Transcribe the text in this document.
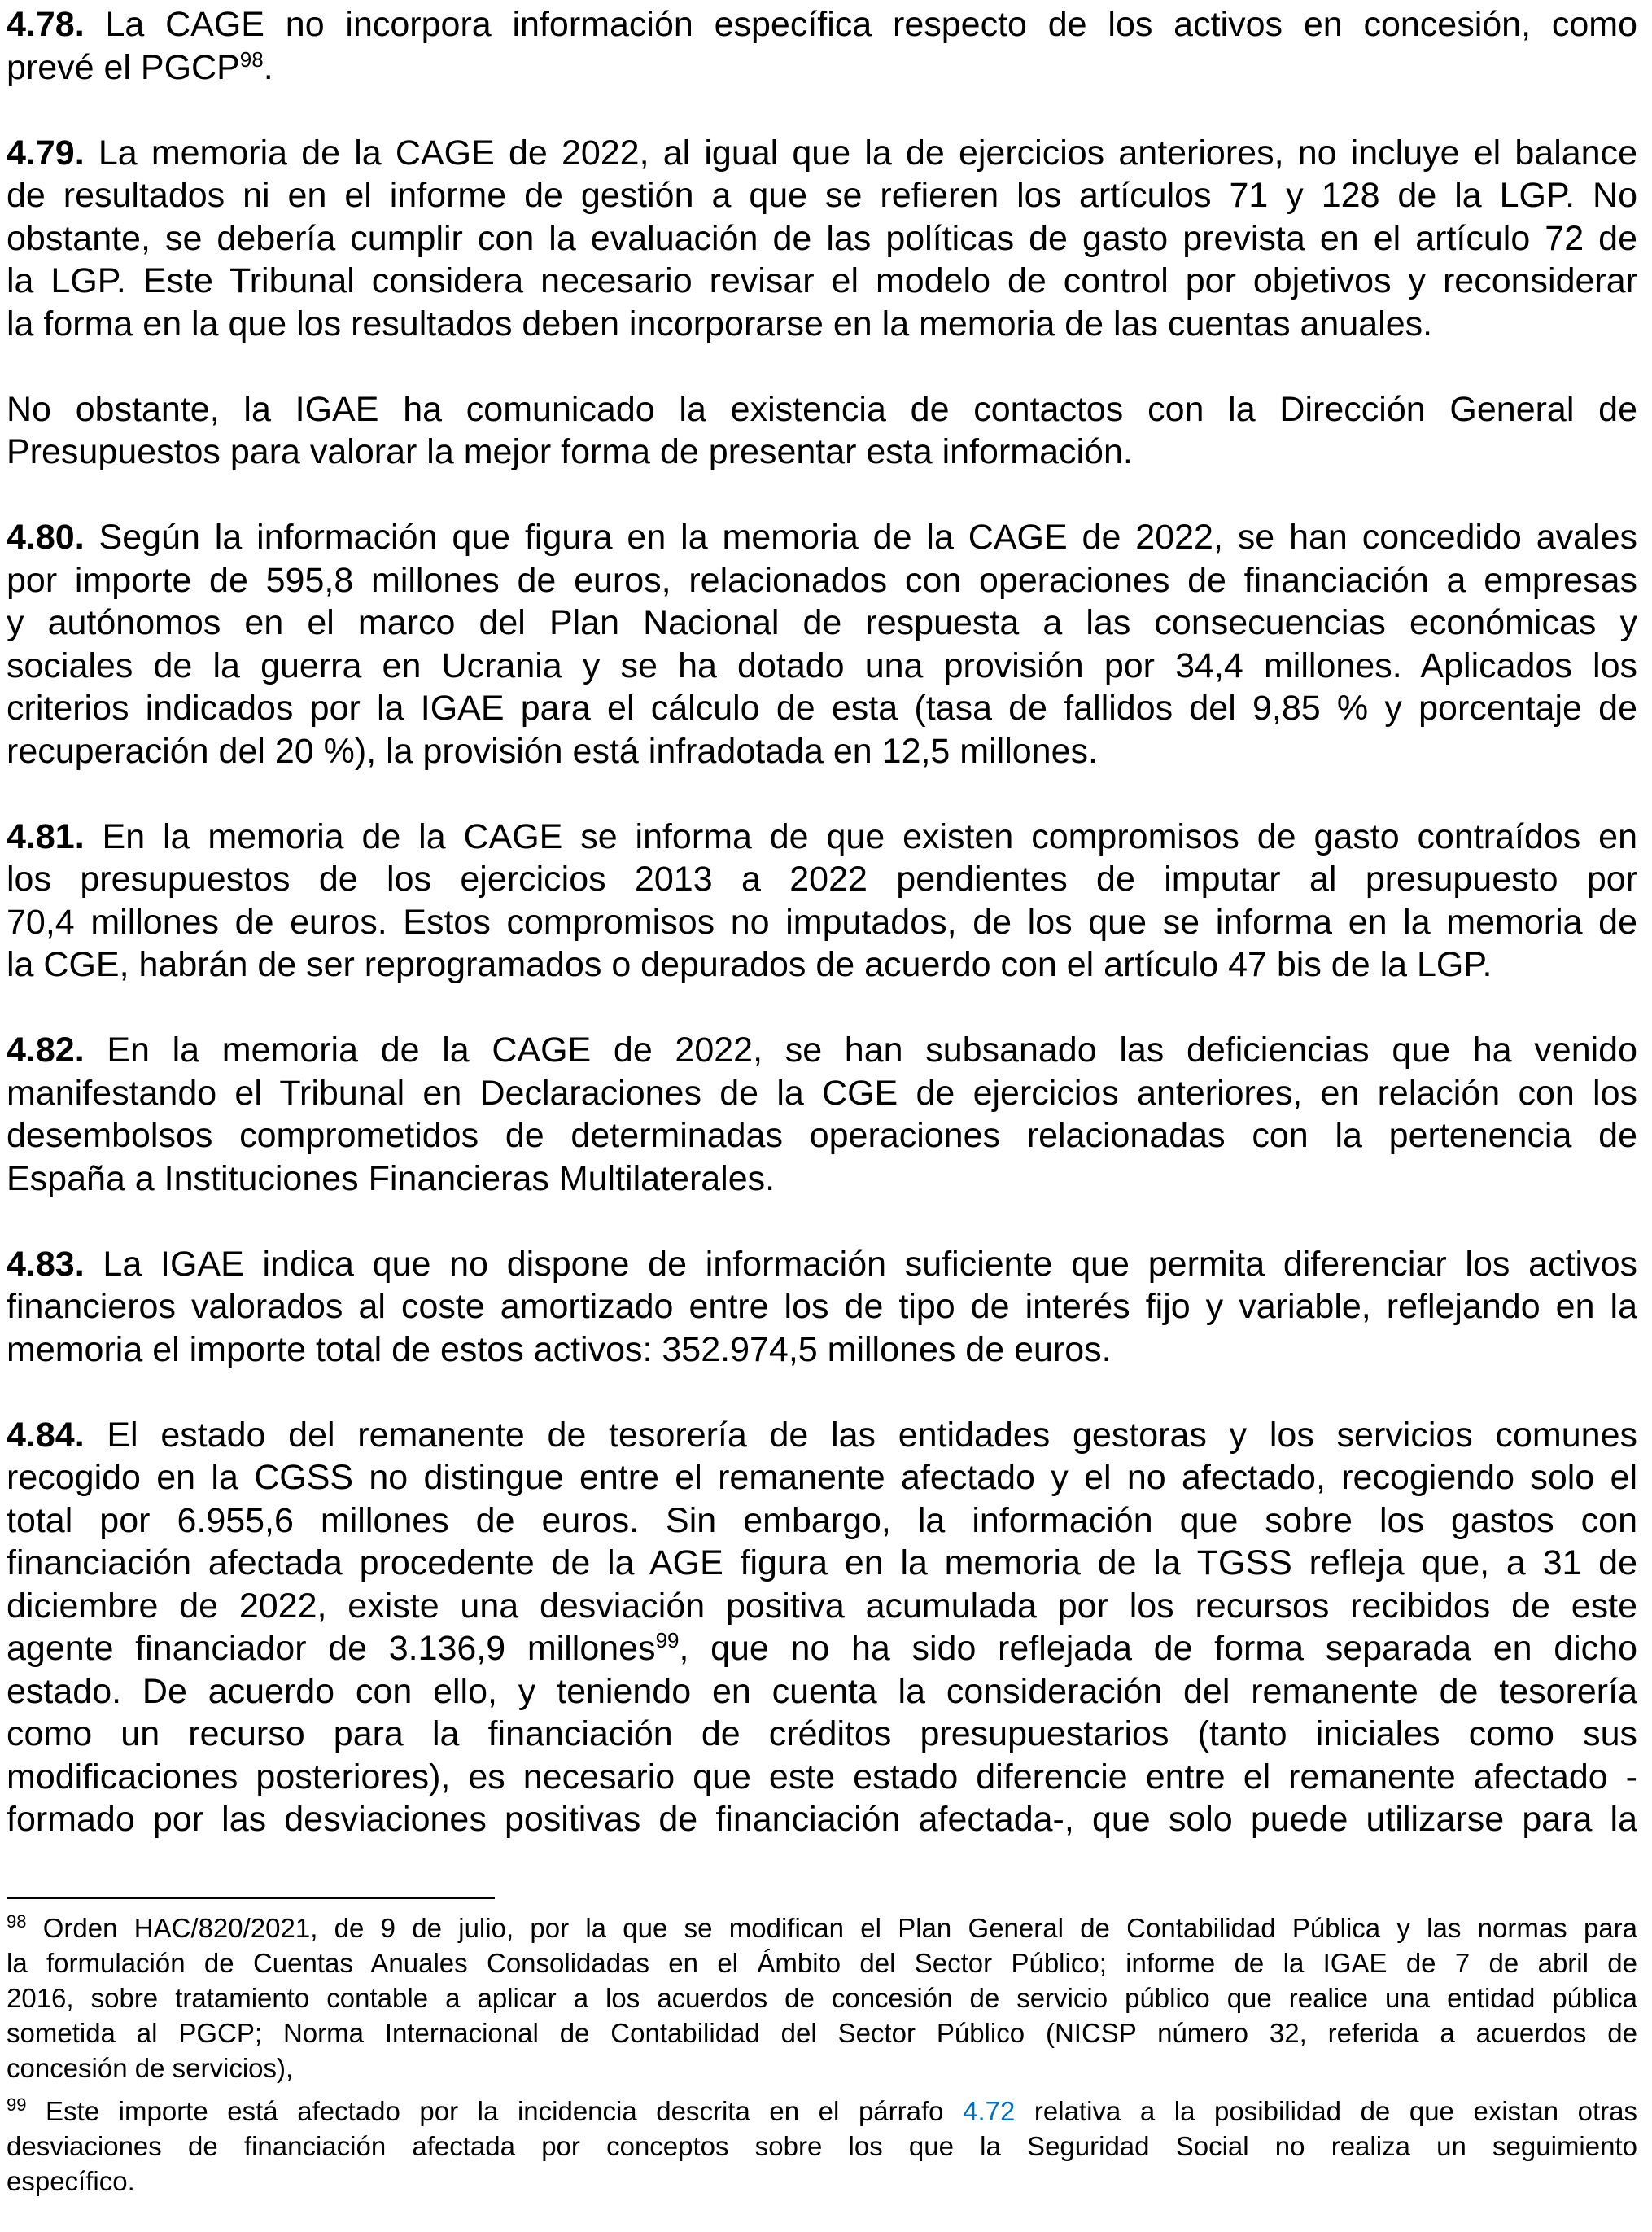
4.78. La CAGE no incorpora información específica respecto de los activos en concesión, como
prevé el PGCP$^{98}$.
4.79. La memoria de la CAGE de 2022, al igual que la de ejercicios anteriores, no incluye el balance
de resultados ni en el informe de gestión a que se refieren los artículos 71 y 128 de la LGP. No
obstante, se debería cumplir con la evaluación de las políticas de gasto prevista en el artículo 72 de
la LGP. Este Tribunal considera necesario revisar el modelo de control por objetivos y reconsiderar
la forma en la que los resultados deben incorporarse en la memoria de las cuentas anuales.
No obstante, la IGAE ha comunicado la existencia de contactos con la Dirección General de
Presupuestos para valorar la mejor forma de presentar esta información.
4.80. Según la información que figura en la memoria de la CAGE de 2022, se han concedido avales
por importe de 595,8 millones de euros, relacionados con operaciones de financiación a empresas
y autónomos en el marco del Plan Nacional de respuesta a las consecuencias económicas y
sociales de la guerra en Ucrania y se ha dotado una provisión por 34,4 millones. Aplicados los
criterios indicados por la IGAE para el cálculo de esta (tasa de fallidos del 9,85 % y porcentaje de
recuperación del 20 %), la provisión está infradotada en 12,5 millones.
4.81. En la memoria de la CAGE se informa de que existen compromisos de gasto contraídos en
los presupuestos de los ejercicios 2013 a 2022 pendientes de imputar al presupuesto por
70,4 millones de euros. Estos compromisos no imputados, de los que se informa en la memoria de
la CGE, habrán de ser reprogramados o depurados de acuerdo con el artículo 47 bis de la LGP.
4.82. En la memoria de la CAGE de 2022, se han subsanado las deficiencias que ha venido
manifestando el Tribunal en Declaraciones de la CGE de ejercicios anteriores, en relación con los
desembolsos comprometidos de determinadas operaciones relacionadas con la pertenencia de
España a Instituciones Financieras Multilaterales.
4.83. La IGAE indica que no dispone de información suficiente que permita diferenciar los activos
financieros valorados al coste amortizado entre los de tipo de interés fijo y variable, reflejando en la
memoria el importe total de estos activos: 352.974,5 millones de euros.
4.84. El estado del remanente de tesorería de las entidades gestoras y los servicios comunes
recogido en la CGSS no distingue entre el remanente afectado y el no afectado, recogiendo solo el
total por 6.955,6 millones de euros. Sin embargo, la información que sobre los gastos con
financiación afectada procedente de la AGE figura en la memoria de la TGSS refleja que, a 31 de
diciembre de 2022, existe una desviación positiva acumulada por los recursos recibidos de este
agente financiador de 3.136,9 millones$^{99}$, que no ha sido reflejada de forma separada en dicho
estado. De acuerdo con ello, y teniendo en cuenta la consideración del remanente de tesorería
como un recurso para la financiación de créditos presupuestarios (tanto iniciales como sus
modificaciones posteriores), es necesario que este estado diferencie entre el remanente afectado -
formado por las desviaciones positivas de financiación afectada-, que solo puede utilizarse para la
$^{98}$ Orden HAC/820/2021, de 9 de julio, por la que se modifican el Plan General de Contabilidad Pública y las normas para
la formulación de Cuentas Anuales Consolidadas en el Ámbito del Sector Público; informe de la IGAE de 7 de abril de
2016, sobre tratamiento contable a aplicar a los acuerdos de concesión de servicio público que realice una entidad pública
sometida al PGCP; Norma Internacional de Contabilidad del Sector Público (NICSP número 32, referida a acuerdos de
concesión de servicios),
$^{99}$ Este importe está afectado por la incidencia descrita en el párrafo 4.72 relativa a la posibilidad de que existan otras
desviaciones de financiación afectada por conceptos sobre los que la Seguridad Social no realiza un seguimiento
específico.
